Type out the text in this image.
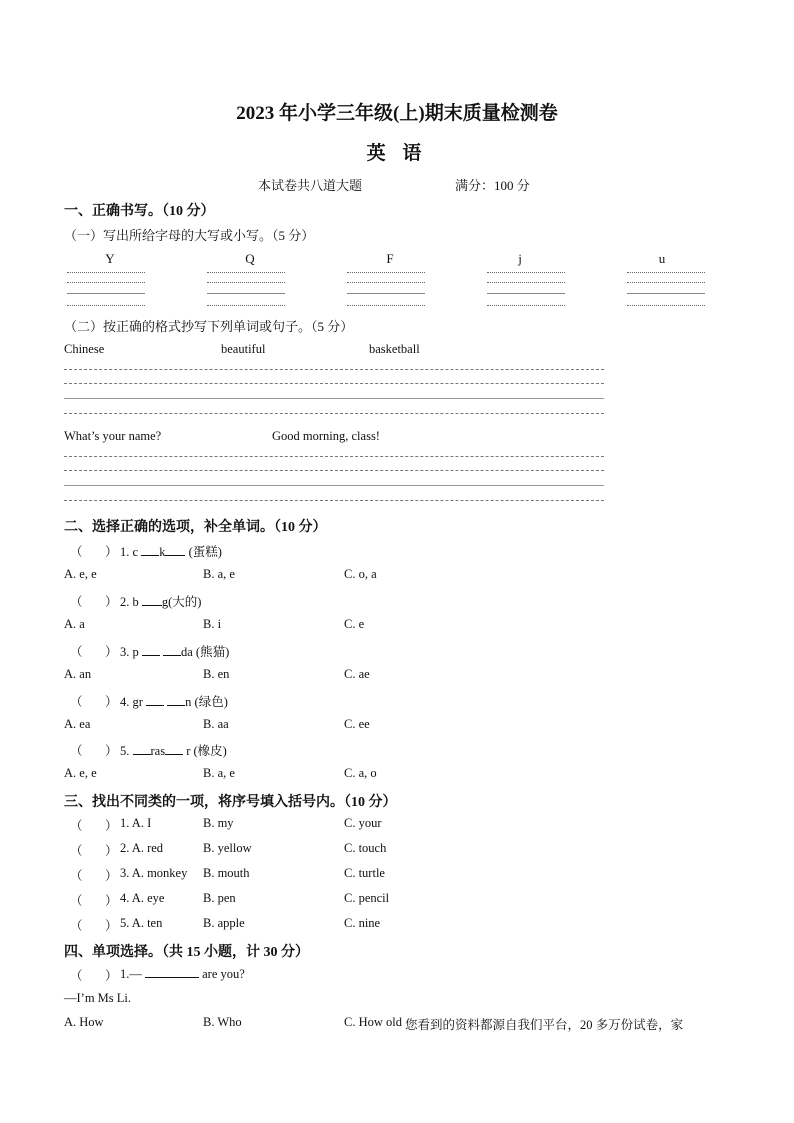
2023 年小学三年级(上)期末质量检测卷
英 语
本试卷共八道大题	满分：100 分
一、正确书写。（10 分）
（一）写出所给字母的大写或小写。（5 分）
Y	Q	F	j	u
（二）按正确的格式抄写下列单词或句子。（5 分）
Chinese	beautiful	basketball
What’s your name?	Good morning, class!
二、选择正确的选项，补全单词。（10 分）
（ ） 1. c k (蛋糕)
A. e, e	B. a, e	C. o, a
（ ） 2. b g(大的)
A. a	B. i	C. e
（ ） 3. p	da (熊猫)
A. an	B. en	C. ae
（ ） 4. gr	n (绿色)
A. ea	B. aa	C. ee
（ ） 5. ras r (橡皮)
A. e, e	B. a, e	C. a, o
三、找出不同类的一项，将序号填入括号内。（10 分）
（ ） 1. A. I	B. my	C. your
（ ） 2. A. red	B. yellow	C. touch
（ ） 3. A. monkey B. mouth	C. turtle
（ ） 4. A. eye	B. pen	C. pencil
（ ） 5. A. ten	B. apple	C. nine
四、单项选择。（共 15 小题，计 30 分）
（ ） 1.—	are you?
—I’m Ms Li.
A. How	B. Who	C. How old 您看到的资料都源自我们平台，20 多万份试卷，家
